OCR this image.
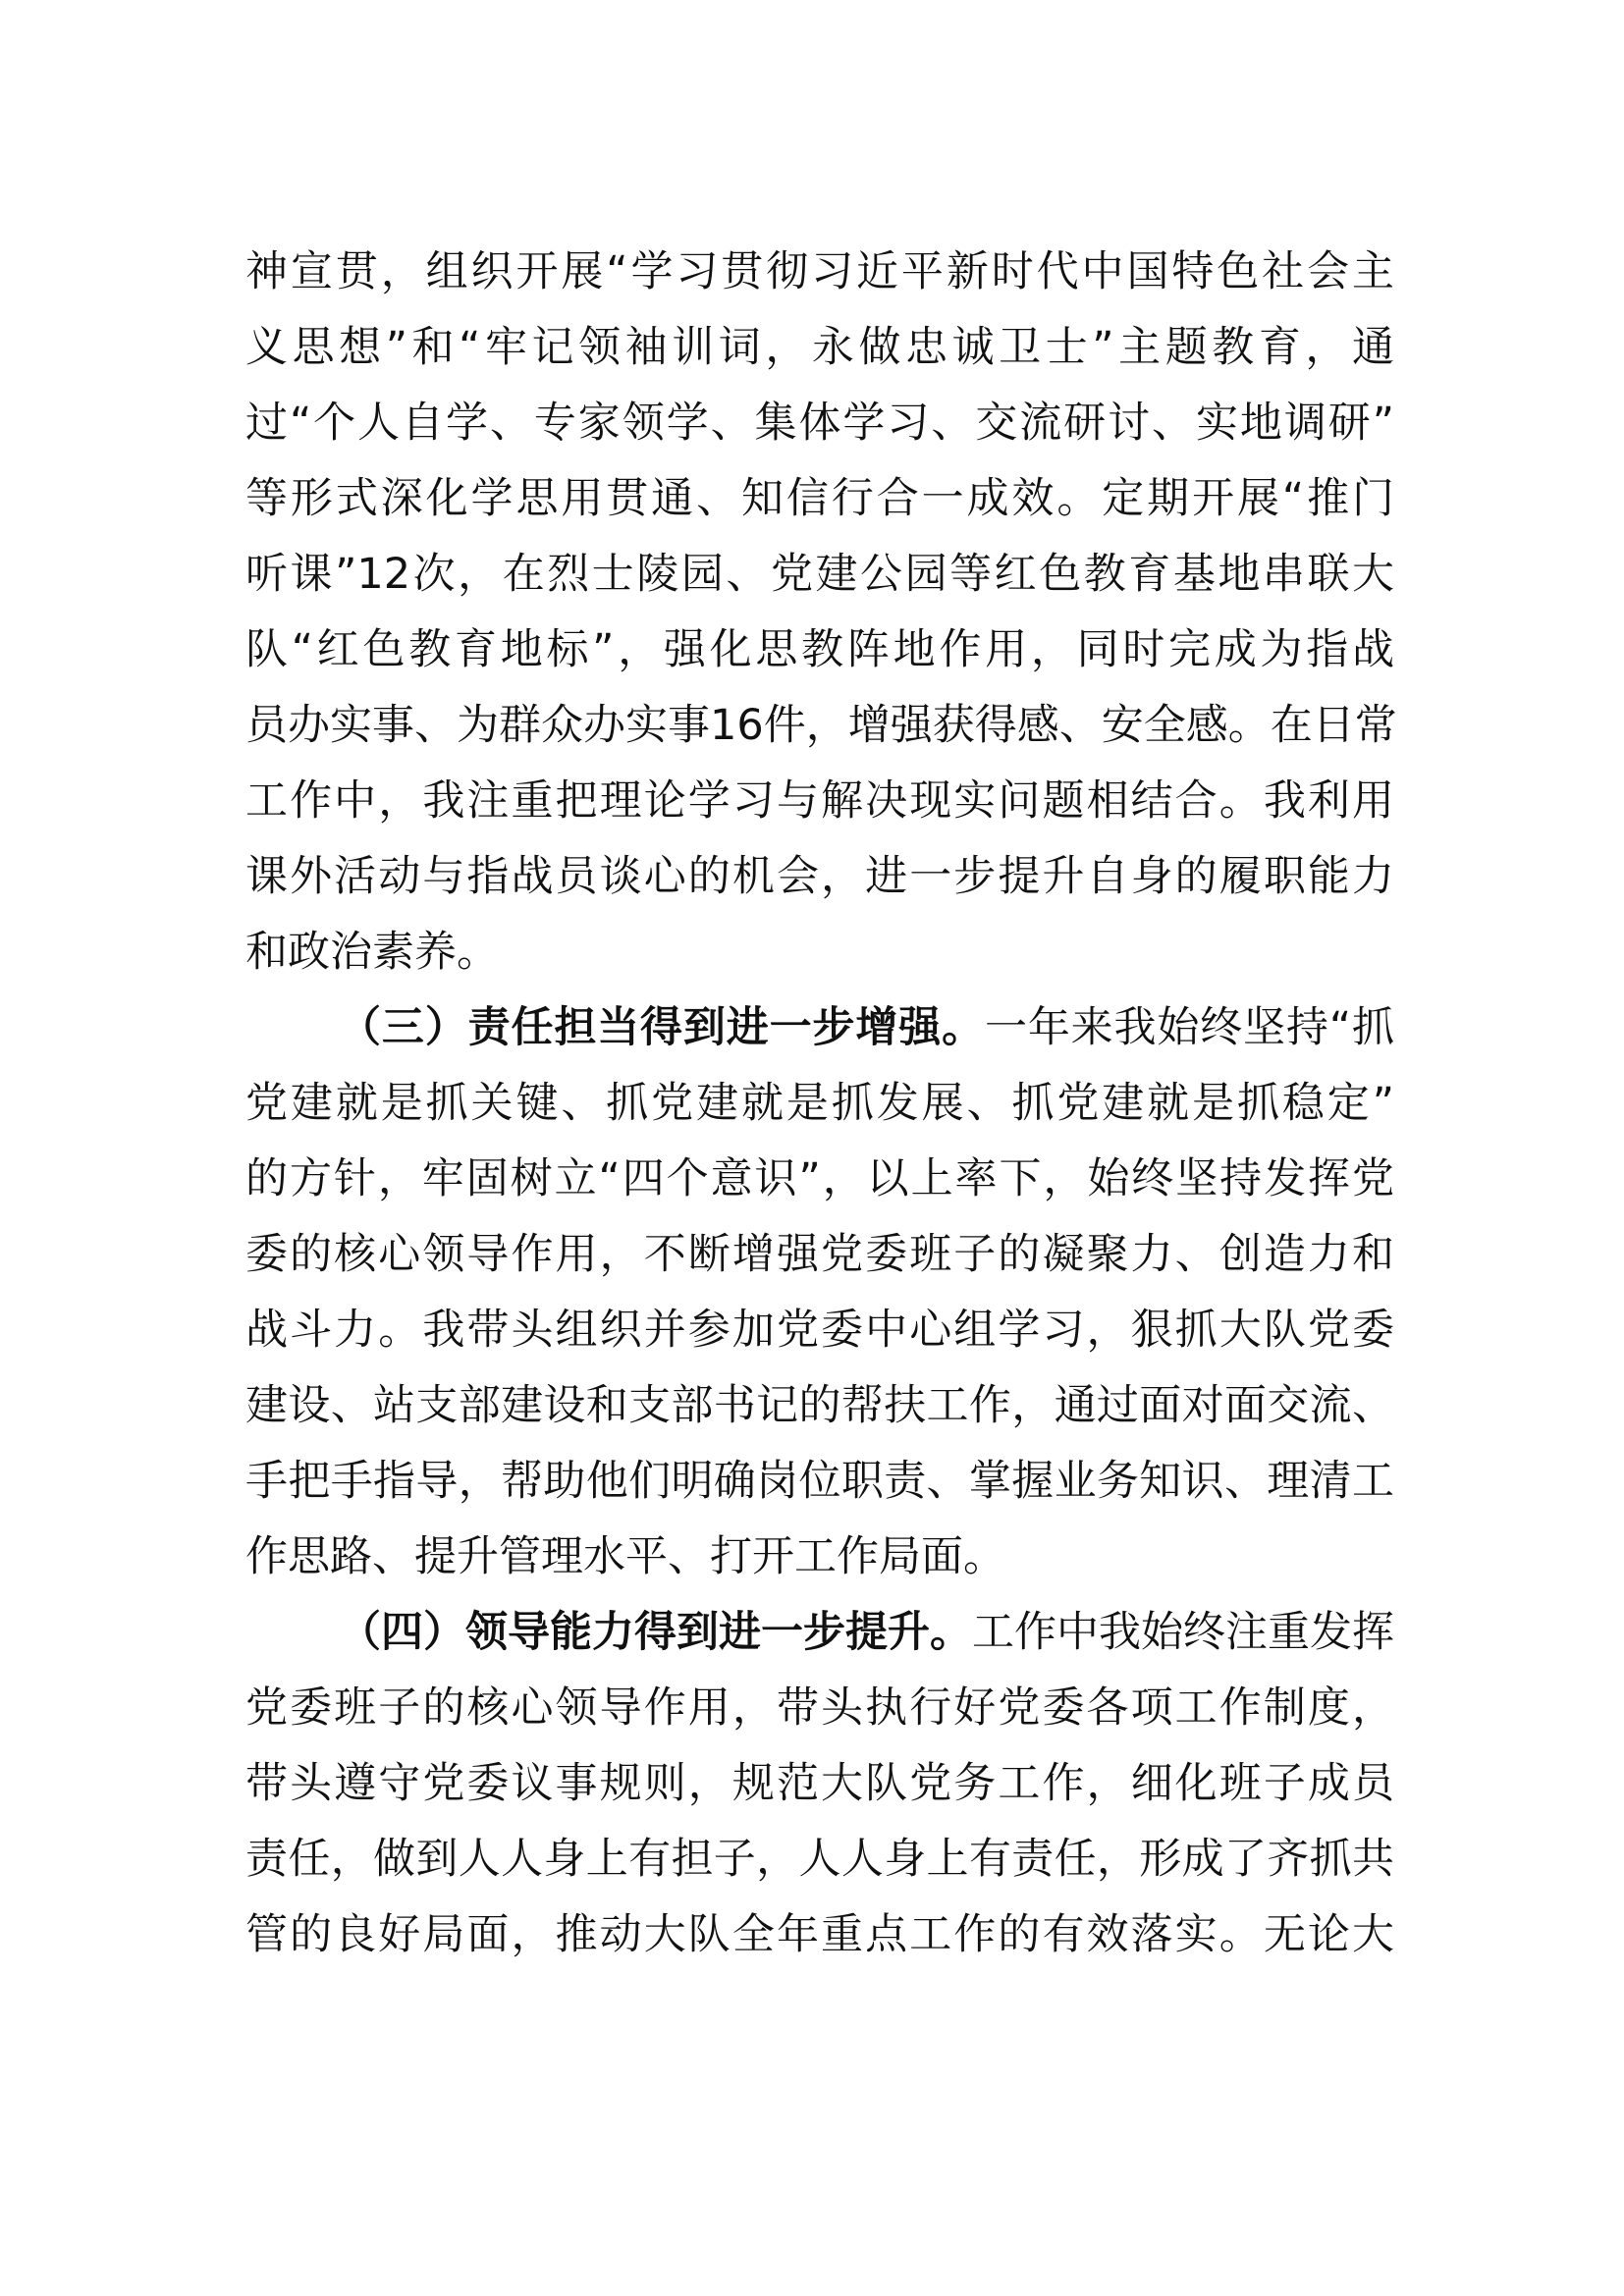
神宣贯，组织开展“学习贯彻习近平新时代中国特色社会主
义思想”和“牢记领袖训词，永做忠诚卫士”主题教育，通
过“个人自学、专家领学、集体学习、交流研讨、实地调研”
等形式深化学思用贯通、知信行合一成效。定期开展“推门
听课”12次，在烈士陵园、党建公园等红色教育基地串联大
队“红色教育地标”，强化思教阵地作用，同时完成为指战
员办实事、为群众办实事16件，增强获得感、安全感。在日常
工作中，我注重把理论学习与解决现实问题相结合。我利用
课外活动与指战员谈心的机会，进一步提升自身的履职能力
和政治素养。
（三）责任担当得到进一步增强。一年来我始终坚持“抓
党建就是抓关键、抓党建就是抓发展、抓党建就是抓稳定”
的方针，牢固树立“四个意识”，以上率下，始终坚持发挥党
委的核心领导作用，不断增强党委班子的凝聚力、创造力和
战斗力。我带头组织并参加党委中心组学习，狠抓大队党委
建设、站支部建设和支部书记的帮扶工作，通过面对面交流、
手把手指导，帮助他们明确岗位职责、掌握业务知识、理清工
作思路、提升管理水平、打开工作局面。
（四）领导能力得到进一步提升。工作中我始终注重发挥
党委班子的核心领导作用，带头执行好党委各项工作制度，
带头遵守党委议事规则，规范大队党务工作，细化班子成员
责任，做到人人身上有担子，人人身上有责任，形成了齐抓共
管的良好局面，推动大队全年重点工作的有效落实。无论大
